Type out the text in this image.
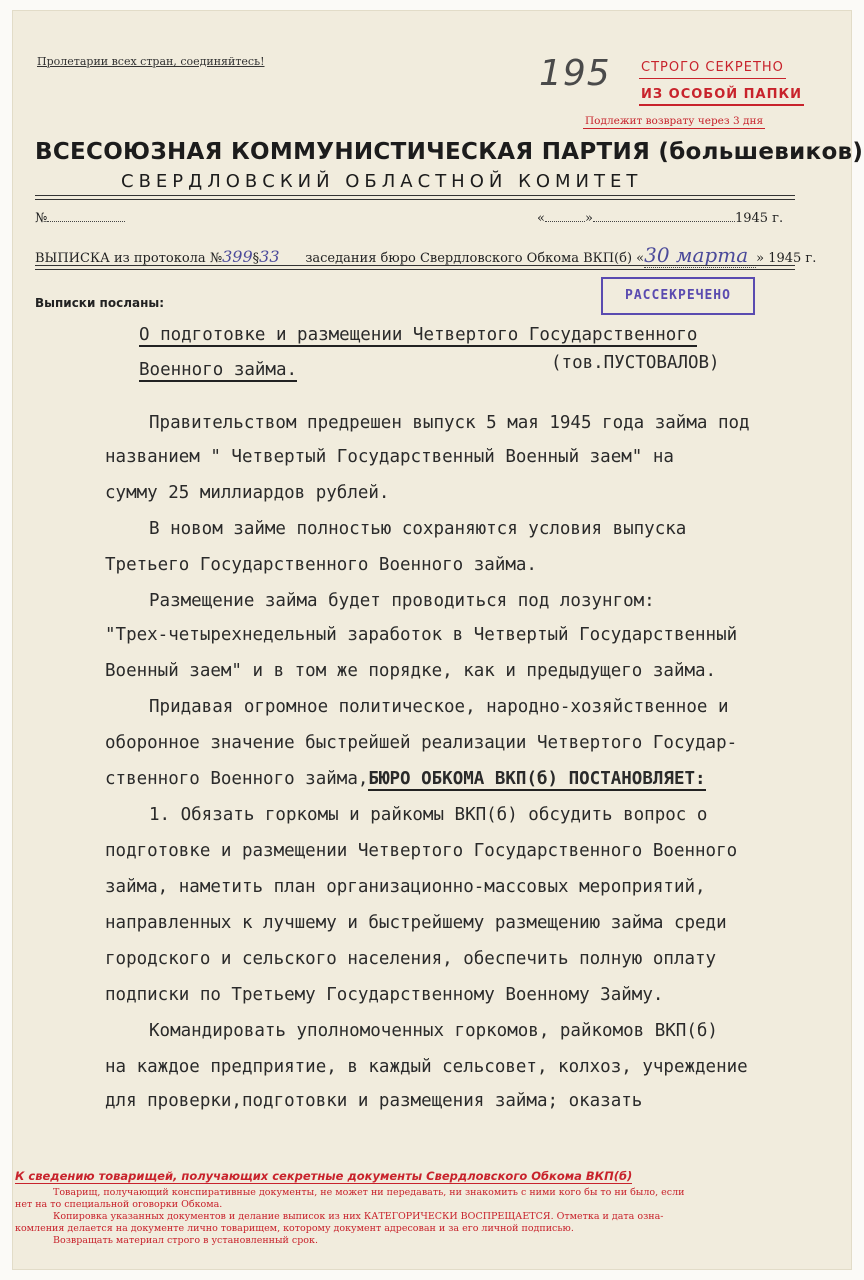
Пролетарии всех стран, соединяйтесь!	195 СТРОГО СЕКРЕТНО
ИЗ ОСОБОЙ ПАПКИ
Подлежит возврату через 3 дня
ВСЕСОЮЗНАЯ КОММУНИСТИЧЕСКАЯ ПАРТИЯ (большевиков)
СВЕРДЛОВСКИЙ ОБЛАСТНОЙ КОМИТЕТ
№	«	»	1945 г.
ВЫПИСКА из протокола №399§33 заседания бюро Свердловского Обкома ВКП(б) «30 марта » 1945 г.
Выписки посланы:	РАССЕКРЕЧЕНО
О подготовке и размещении Четвертого Государственного
Военного займа.	(тов.ПУСТОВАЛОВ)
Правительством предрешен выпуск 5 мая 1945 года займа под
названием " Четвертый Государственный Военный заем" на
сумму 25 миллиардов рублей.
В новом займе полностью сохраняются условия выпуска
Третьего Государственного Военного займа.
Размещение займа будет проводиться под лозунгом:
"Трех-четырехнедельный заработок в Четвертый Государственный
Военный заем" и в том же порядке, как и предыдущего займа.
Придавая огромное политическое, народно-хозяйственное и
оборонное значение быстрейшей реализации Четвертого Государ-
ственного Военного займа,БЮРО ОБКОМА ВКП(б) ПОСТАНОВЛЯЕТ:
1. Обязать горкомы и райкомы ВКП(б) обсудить вопрос о
подготовке и размещении Четвертого Государственного Военного
займа, наметить план организационно-массовых мероприятий,
направленных к лучшему и быстрейшему размещению займа среди
городского и сельского населения, обеспечить полную оплату
подписки по Третьему Государственному Военному Займу.
Командировать уполномоченных горкомов, райкомов ВКП(б)
на каждое предприятие, в каждый сельсовет, колхоз, учреждение
для проверки,подготовки и размещения займа; оказать
К сведению товарищей, получающих секретные документы Свердловского Обкома ВКП(б)
Товарищ, получающий конспиративные документы, не может ни передавать, ни знакомить с ними кого бы то ни было, если
нет на то специальной оговорки Обкома.
Копировка указанных документов и делание выписок из них КАТЕГОРИЧЕСКИ ВОСПРЕЩАЕТСЯ. Отметка и дата озна-
комления делается на документе лично товарищем, которому документ адресован и за его личной подписью.
Возвращать материал строго в установленный срок.
